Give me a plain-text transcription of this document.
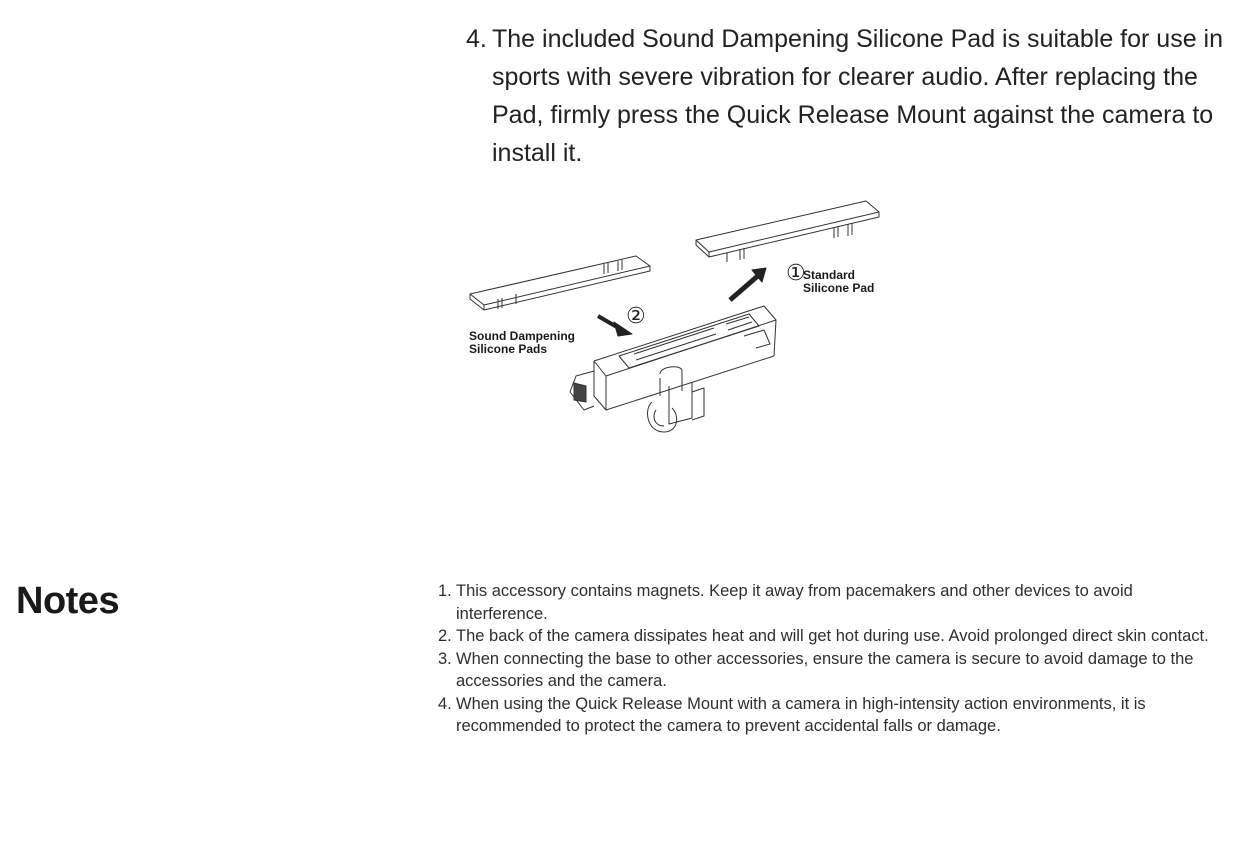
4. The included Sound Dampening Silicone Pad is suitable for use in sports with severe vibration for clearer audio. After replacing the Pad, firmly press the Quick Release Mount against the camera to install it.
①
②
Standard
Silicone Pad
Sound Dampening
Silicone Pads
Notes	1. This accessory contains magnets. Keep it away from pacemakers and other devices to avoid interference.
2. The back of the camera dissipates heat and will get hot during use. Avoid prolonged direct skin contact.
3. When connecting the base to other accessories, ensure the camera is secure to avoid damage to the accessories and the camera.
4. When using the Quick Release Mount with a camera in high-intensity action environments, it is recommended to protect the camera to prevent accidental falls or damage.
